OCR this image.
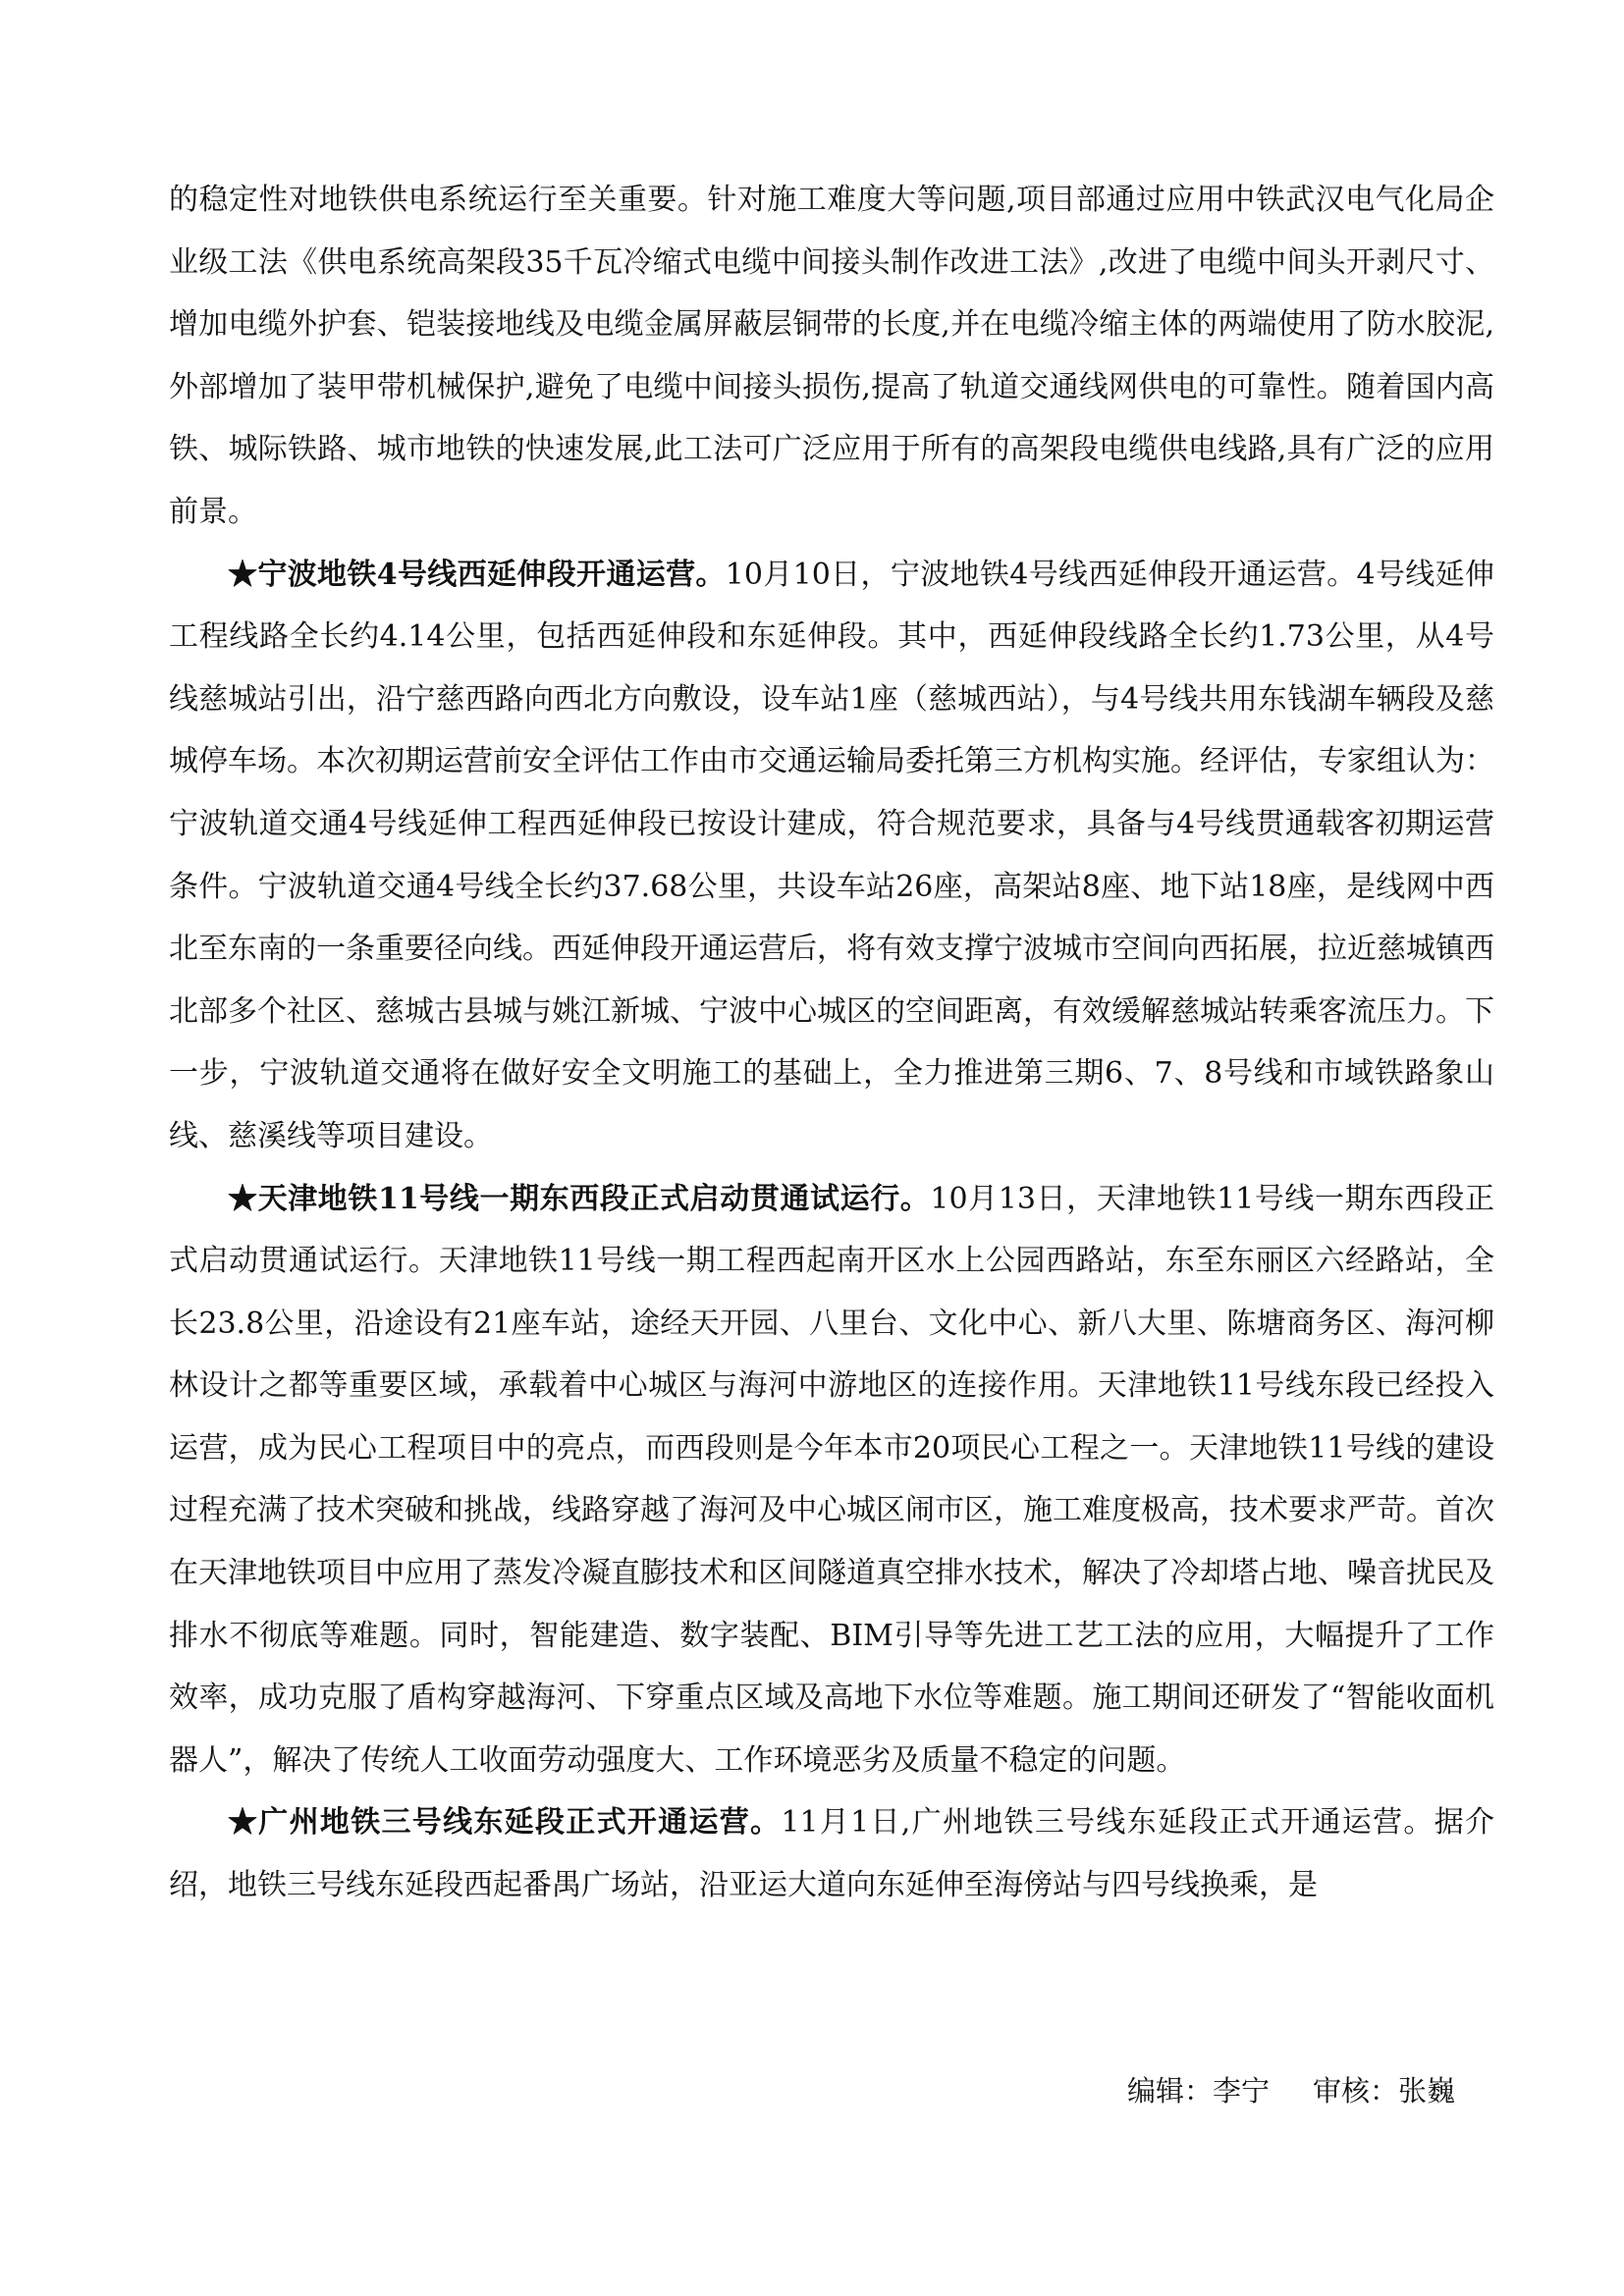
的稳定性对地铁供电系统运行至关重要。针对施工难度大等问题,项目部通过应用中铁武汉电气化局企业级工法《供电系统高架段35千瓦冷缩式电缆中间接头制作改进工法》,改进了电缆中间头开剥尺寸、增加电缆外护套、铠装接地线及电缆金属屏蔽层铜带的长度,并在电缆冷缩主体的两端使用了防水胶泥,外部增加了装甲带机械保护,避免了电缆中间接头损伤,提高了轨道交通线网供电的可靠性。随着国内高铁、城际铁路、城市地铁的快速发展,此工法可广泛应用于所有的高架段电缆供电线路,具有广泛的应用前景。

★宁波地铁4号线西延伸段开通运营。10月10日，宁波地铁4号线西延伸段开通运营。4号线延伸工程线路全长约4.14公里，包括西延伸段和东延伸段。其中，西延伸段线路全长约1.73公里，从4号线慈城站引出，沿宁慈西路向西北方向敷设，设车站1座（慈城西站），与4号线共用东钱湖车辆段及慈城停车场。本次初期运营前安全评估工作由市交通运输局委托第三方机构实施。经评估，专家组认为：宁波轨道交通4号线延伸工程西延伸段已按设计建成，符合规范要求，具备与4号线贯通载客初期运营条件。宁波轨道交通4号线全长约37.68公里，共设车站26座，高架站8座、地下站18座，是线网中西北至东南的一条重要径向线。西延伸段开通运营后，将有效支撑宁波城市空间向西拓展，拉近慈城镇西北部多个社区、慈城古县城与姚江新城、宁波中心城区的空间距离，有效缓解慈城站转乘客流压力。下一步，宁波轨道交通将在做好安全文明施工的基础上，全力推进第三期6、7、8号线和市域铁路象山线、慈溪线等项目建设。

★天津地铁11号线一期东西段正式启动贯通试运行。10月13日，天津地铁11号线一期东西段正式启动贯通试运行。天津地铁11号线一期工程西起南开区水上公园西路站，东至东丽区六经路站，全长23.8公里，沿途设有21座车站，途经天开园、八里台、文化中心、新八大里、陈塘商务区、海河柳林设计之都等重要区域，承载着中心城区与海河中游地区的连接作用。天津地铁11号线东段已经投入运营，成为民心工程项目中的亮点，而西段则是今年本市20项民心工程之一。天津地铁11号线的建设过程充满了技术突破和挑战，线路穿越了海河及中心城区闹市区，施工难度极高，技术要求严苛。首次在天津地铁项目中应用了蒸发冷凝直膨技术和区间隧道真空排水技术，解决了冷却塔占地、噪音扰民及排水不彻底等难题。同时，智能建造、数字装配、BIM引导等先进工艺工法的应用，大幅提升了工作效率，成功克服了盾构穿越海河、下穿重点区域及高地下水位等难题。施工期间还研发了“智能收面机器人”，解决了传统人工收面劳动强度大、工作环境恶劣及质量不稳定的问题。

★广州地铁三号线东延段正式开通运营。11月1日,广州地铁三号线东延段正式开通运营。据介绍，地铁三号线东延段西起番禺广场站，沿亚运大道向东延伸至海傍站与四号线换乘，是

编辑：李宁 审核：张巍
